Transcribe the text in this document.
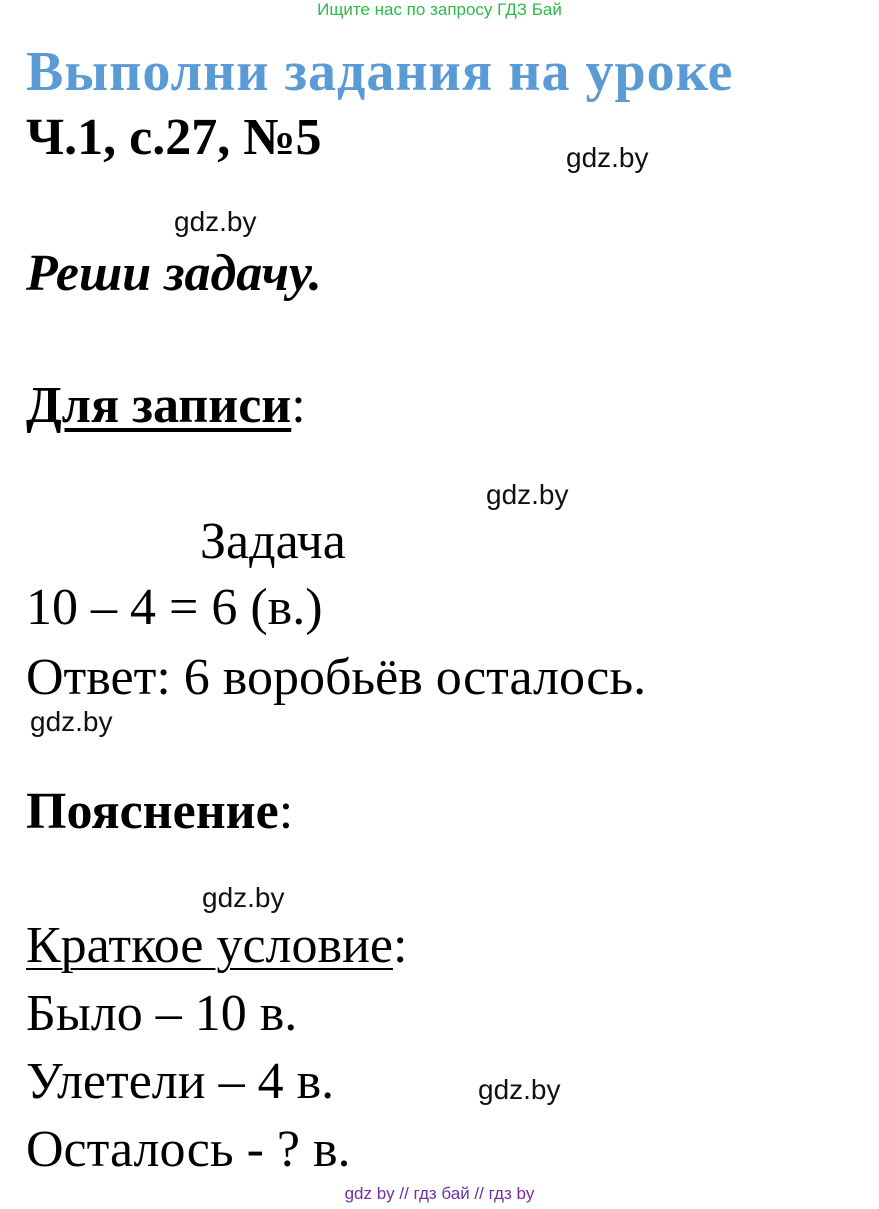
Ищите нас по запросу ГДЗ Бай
Выполни задания на уроке
Ч.1, с.27, №5	gdz.by
gdz.by
Реши задачу.
Для записи:
gdz.by
Задача
10 – 4 = 6 (в.)
Ответ: 6 воробьёв осталось.
gdz.by
Пояснение:
gdz.by
Краткое условие:
Было – 10 в.
Улетели – 4 в.
Осталось - ? в.
gdz.by
gdz by // гдз бай // гдз by
